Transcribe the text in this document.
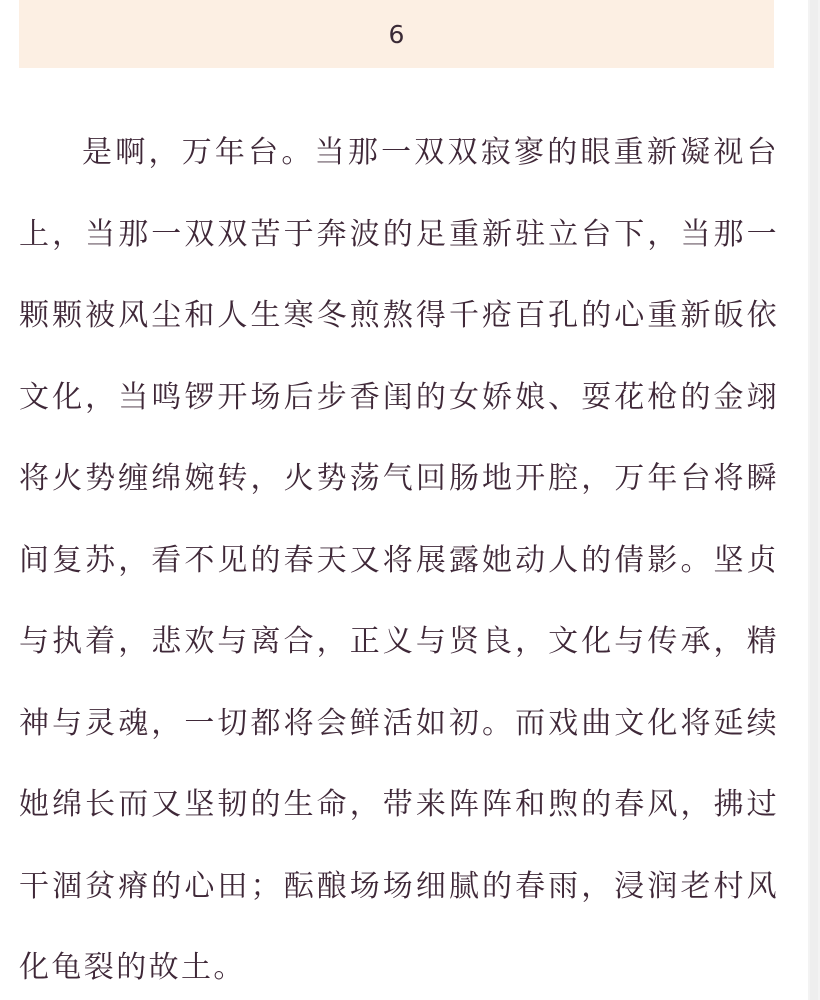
6

是啊，万年台。当那一双双寂寥的眼重新凝视台上，当那一双双苦于奔波的足重新驻立台下，当那一颗颗被风尘和人生寒冬煎熬得千疮百孔的心重新皈依文化，当鸣锣开场后步香闺的女娇娘、耍花枪的金翊将火势缠绵婉转，火势荡气回肠地开腔，万年台将瞬间复苏，看不见的春天又将展露她动人的倩影。坚贞与执着，悲欢与离合，正义与贤良，文化与传承，精神与灵魂，一切都将会鲜活如初。而戏曲文化将延续她绵长而又坚韧的生命，带来阵阵和煦的春风，拂过干涸贫瘠的心田；酝酿场场细腻的春雨，浸润老村风化龟裂的故土。
